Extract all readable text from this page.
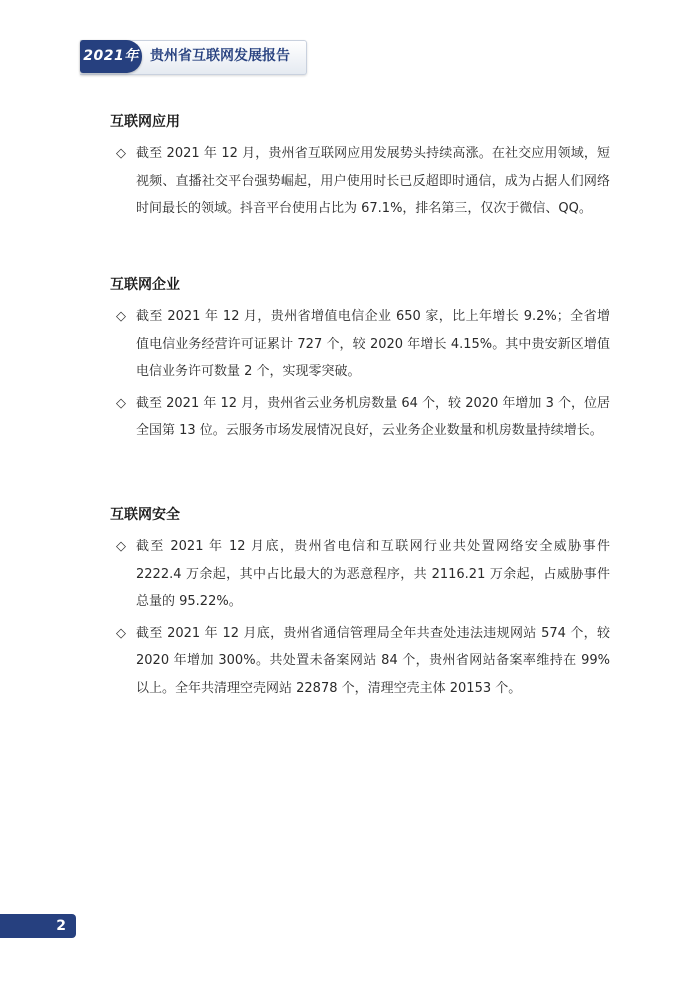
2021年 贵州省互联网发展报告
互联网应用
◇ 截至 2021 年 12 月，贵州省互联网应用发展势头持续高涨。在社交应用领域，短视频、直播社交平台强势崛起，用户使用时长已反超即时通信，成为占据人们网络时间最长的领域。抖音平台使用占比为 67.1%，排名第三，仅次于微信、QQ。

互联网企业
◇ 截至 2021 年 12 月，贵州省增值电信企业 650 家，比上年增长 9.2%；全省增值电信业务经营许可证累计 727 个，较 2020 年增长 4.15%。其中贵安新区增值电信业务许可数量 2 个，实现零突破。

◇ 截至 2021 年 12 月，贵州省云业务机房数量 64 个，较 2020 年增加 3 个，位居全国第 13 位。云服务市场发展情况良好，云业务企业数量和机房数量持续增长。

互联网安全
◇ 截至 2021 年 12 月底，贵州省电信和互联网行业共处置网络安全威胁事件 2222.4 万余起，其中占比最大的为恶意程序，共 2116.21 万余起，占威胁事件总量的 95.22%。

◇ 截至 2021 年 12 月底，贵州省通信管理局全年共查处违法违规网站 574 个，较 2020 年增加 300%。共处置未备案网站 84 个，贵州省网站备案率维持在 99% 以上。全年共清理空壳网站 22878 个，清理空壳主体 20153 个。

2
